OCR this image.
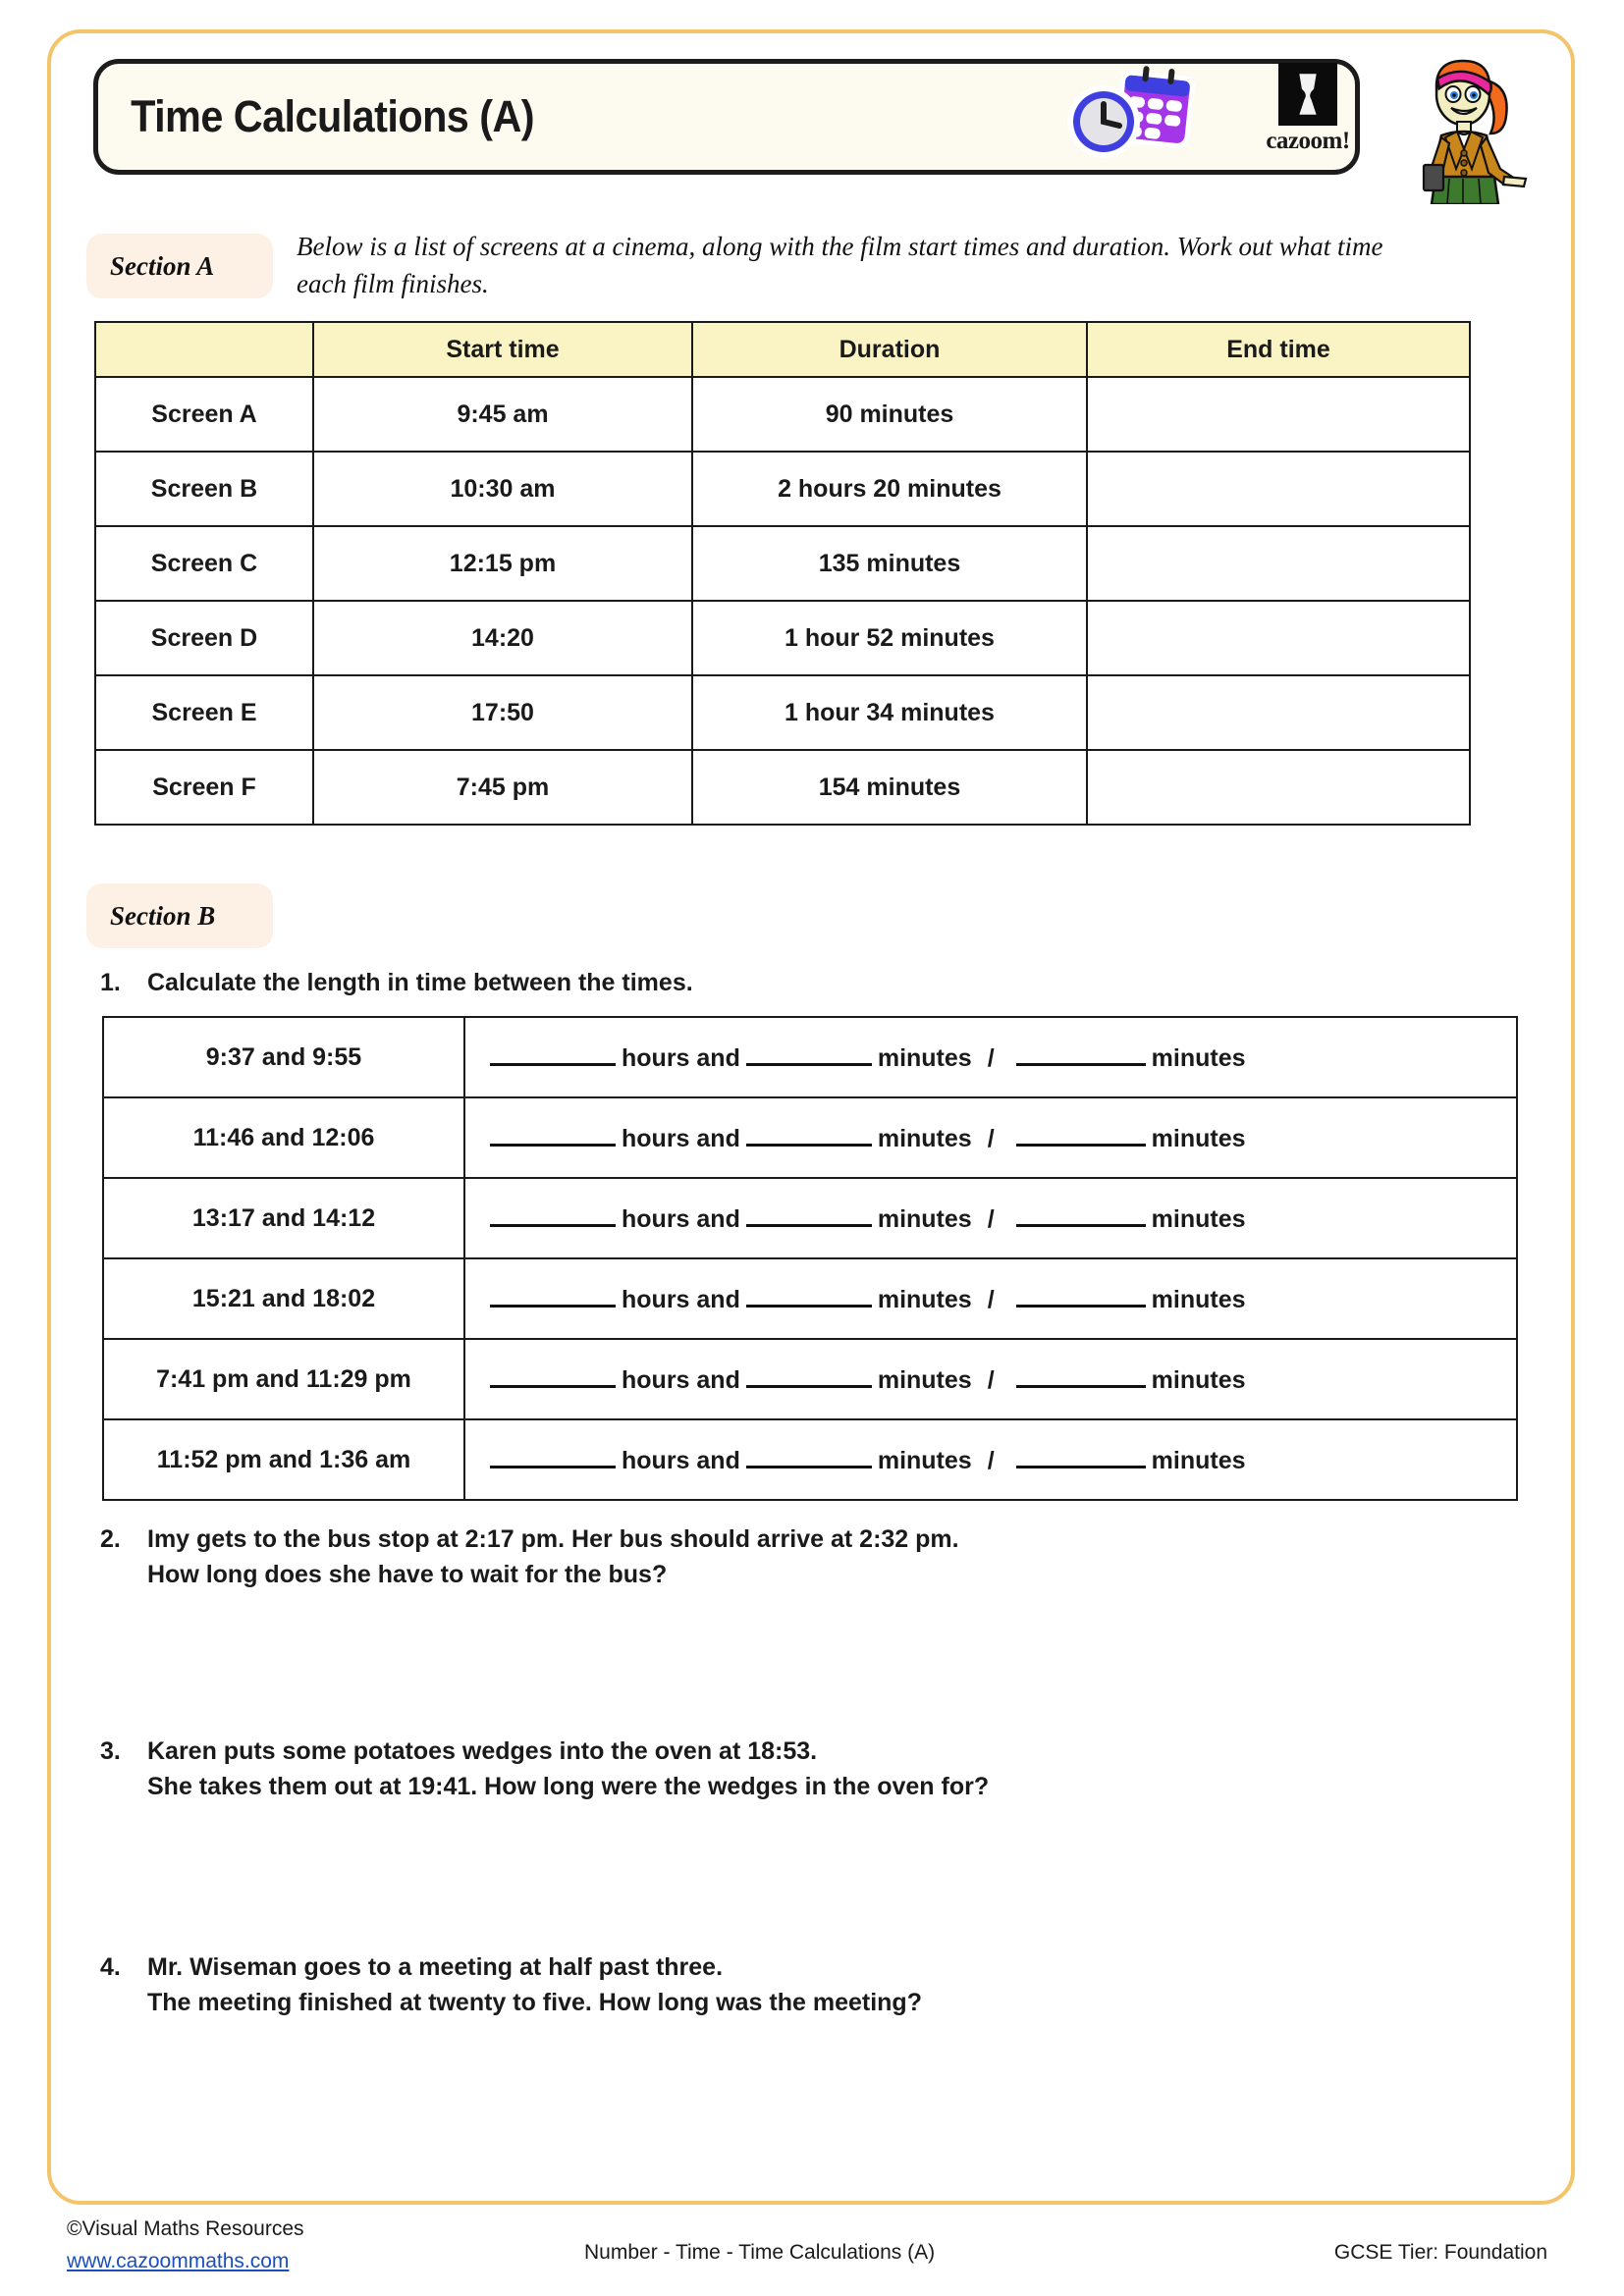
Time Calculations (A)	cazoom!
Section A
Below is a list of screens at a cinema, along with the film start times and duration. Work out what time each film finishes.
	Start time	Duration	End time
Screen A	9:45 am	90 minutes	
Screen B	10:30 am	2 hours 20 minutes	
Screen C	12:15 pm	135 minutes	
Screen D	14:20	1 hour 52 minutes	
Screen E	17:50	1 hour 34 minutes	
Screen F	7:45 pm	154 minutes	
Section B
1.	Calculate the length in time between the times.
9:37 and 9:55	hours and minutes / minutes

11:46 and 12:06	hours and minutes / minutes

13:17 and 14:12	hours and minutes / minutes

15:21 and 18:02	hours and minutes / minutes

7:41 pm and 11:29 pm	hours and minutes / minutes

11:52 pm and 1:36 am	hours and minutes / minutes
2.	Imy gets to the bus stop at 2:17 pm. Her bus should arrive at 2:32 pm.
How long does she have to wait for the bus?
3.	Karen puts some potatoes wedges into the oven at 18:53.
She takes them out at 19:41. How long were the wedges in the oven for?
4.	Mr. Wiseman goes to a meeting at half past three.
The meeting finished at twenty to five. How long was the meeting?
©Visual Maths Resources
www.cazoommaths.com	Number - Time - Time Calculations (A)	GCSE Tier: Foundation
